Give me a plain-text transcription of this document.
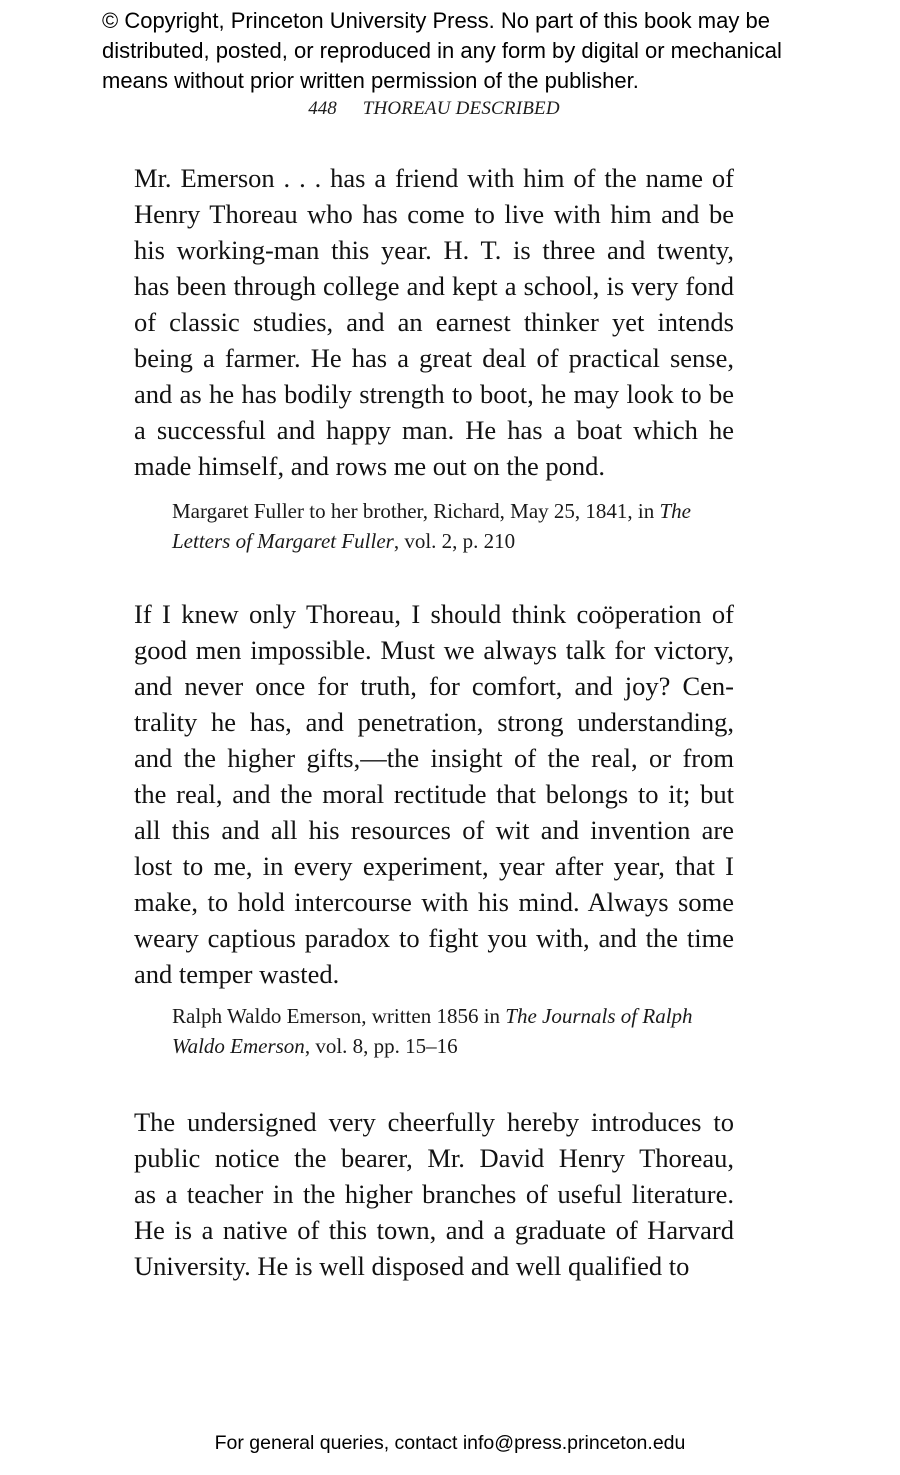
© Copyright, Princeton University Press. No part of this book may be
distributed, posted, or reproduced in any form by digital or mechanical
means without prior written permission of the publisher.
448 THOREAU DESCRIBED
Mr. Emerson . . . has a friend with him of the name of
Henry Thoreau who has come to live with him and be
his working-man this year. H. T. is three and twenty,
has been through college and kept a school, is very fond
of classic studies, and an earnest thinker yet intends
being a farmer. He has a great deal of practical sense,
and as he has bodily strength to boot, he may look to be
a successful and happy man. He has a boat which he
made himself, and rows me out on the pond.
Margaret Fuller to her brother, Richard, May 25, 1841, in The
Letters of Margaret Fuller, vol. 2, p. 210
If I knew only Thoreau, I should think coöperation of
good men impossible. Must we always talk for victory,
and never once for truth, for comfort, and joy? Cen-
trality he has, and penetration, strong understanding,
and the higher gifts,—the insight of the real, or from
the real, and the moral rectitude that belongs to it; but
all this and all his resources of wit and invention are
lost to me, in every experiment, year after year, that I
make, to hold intercourse with his mind. Always some
weary captious paradox to fight you with, and the time
and temper wasted.
Ralph Waldo Emerson, written 1856 in The Journals of Ralph
Waldo Emerson, vol. 8, pp. 15–16
The undersigned very cheerfully hereby introduces to
public notice the bearer, Mr. David Henry Thoreau,
as a teacher in the higher branches of useful literature.
He is a native of this town, and a graduate of Harvard
University. He is well disposed and well qualified to
For general queries, contact info@press.princeton.edu
